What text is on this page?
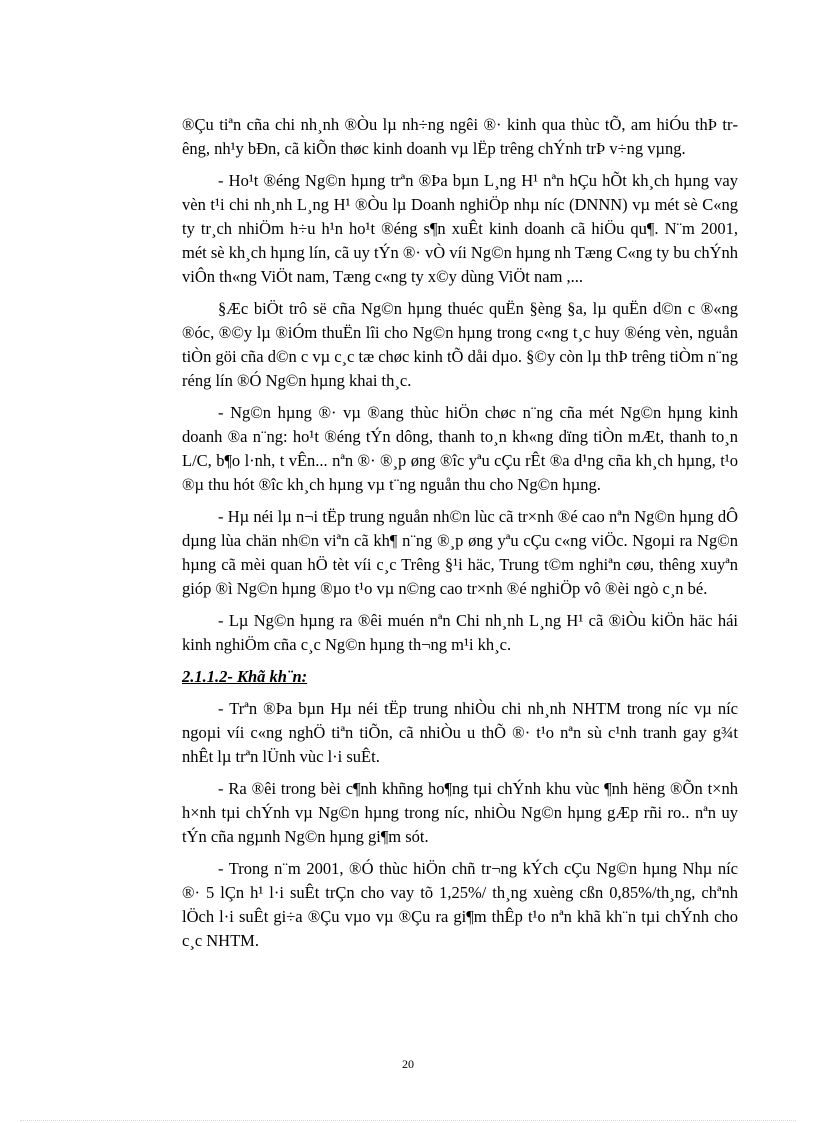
®Çu tiªn cña chi nh¸nh ®Òu lµ nh÷ng ngêi ®· kinh qua thùc tÕ, am hiÓu thÞ trêng, nh¹y bÐn, cã kiÕn thøc kinh doanh vµ lËp trêng chÝnh trÞ v÷ng vµng.

- Ho¹t ®éng Ng©n hµng trªn ®Þa bµn L¸ng H¹ nªn hÇu hÕt kh¸ch hµng vay vèn t¹i chi nh¸nh L¸ng H¹ ®Òu lµ Doanh nghiÖp nhµ níc (DNNN) vµ mét sè C«ng ty tr¸ch nhiÖm h÷u h¹n ho¹t ®éng s¶n xuÊt kinh doanh cã hiÖu qu¶. N¨m 2001, mét sè kh¸ch hµng lín, cã uy tÝn ®· vÒ víi Ng©n hµng nh Tæng C«ng ty bu chÝnh viÔn th«ng ViÖt nam, Tæng c«ng ty x©y dùng ViÖt nam ,...

§Æc biÖt trô së cña Ng©n hµng thuéc quËn §èng §a, lµ quËn d©n c ®«ng ®óc, ®©y lµ ®iÓm thuËn lîi cho Ng©n hµng trong c«ng t¸c huy ®éng vèn, nguån tiÒn göi cña d©n c vµ c¸c tæ chøc kinh tÕ dåi dµo. §©y còn lµ thÞ trêng tiÒm n¨ng réng lín ®Ó Ng©n hµng khai th¸c.

- Ng©n hµng ®· vµ ®ang thùc hiÖn chøc n¨ng cña mét Ng©n hµng kinh doanh ®a n¨ng: ho¹t ®éng tÝn dông, thanh to¸n kh«ng dïng tiÒn mÆt, thanh to¸n L/C, b¶o l·nh, t vÊn... nªn ®· ®¸p øng ®îc yªu cÇu rÊt ®a d¹ng cña kh¸ch hµng, t¹o ®µ thu hót ®îc kh¸ch hµng vµ t¨ng nguån thu cho Ng©n hµng.

- Hµ néi lµ n¬i tËp trung nguån nh©n lùc cã tr×nh ®é cao nªn Ng©n hµng dÔ dµng lùa chän nh©n viªn cã kh¶ n¨ng ®¸p øng yªu cÇu c«ng viÖc. Ngoµi ra Ng©n hµng cã mèi quan hÖ tèt víi c¸c Trêng §¹i häc, Trung t©m nghiªn cøu, thêng xuyªn gióp ®ì Ng©n hµng ®µo t¹o vµ n©ng cao tr×nh ®é nghiÖp vô ®èi ngò c¸n bé.

- Lµ Ng©n hµng ra ®êi muén nªn Chi nh¸nh L¸ng H¹ cã ®iÒu kiÖn häc hái kinh nghiÖm cña c¸c Ng©n hµng th¬ng m¹i kh¸c.

2.1.1.2- Khã kh¨n:

- Trªn ®Þa bµn Hµ néi tËp trung nhiÒu chi nh¸nh NHTM trong níc vµ níc ngoµi víi c«ng nghÖ tiªn tiÕn, cã nhiÒu u thÕ ®· t¹o nªn sù c¹nh tranh gay g¾t nhÊt lµ trªn lÜnh vùc l·i suÊt.

- Ra ®êi trong bèi c¶nh khñng ho¶ng tµi chÝnh khu vùc ¶nh hëng ®Õn t×nh h×nh tµi chÝnh vµ Ng©n hµng trong níc, nhiÒu Ng©n hµng gÆp rñi ro.. nªn uy tÝn cña ngµnh Ng©n hµng gi¶m sót.

- Trong n¨m 2001, ®Ó thùc hiÖn chñ tr¬ng kÝch cÇu Ng©n hµng Nhµ níc ®· 5 lÇn h¹ l·i suÊt trÇn cho vay tõ 1,25%/ th¸ng xuèng cßn 0,85%/th¸ng, chªnh lÖch l·i suÊt gi÷a ®Çu vµo vµ ®Çu ra gi¶m thÊp t¹o nªn khã kh¨n tµi chÝnh cho c¸c NHTM.

20
